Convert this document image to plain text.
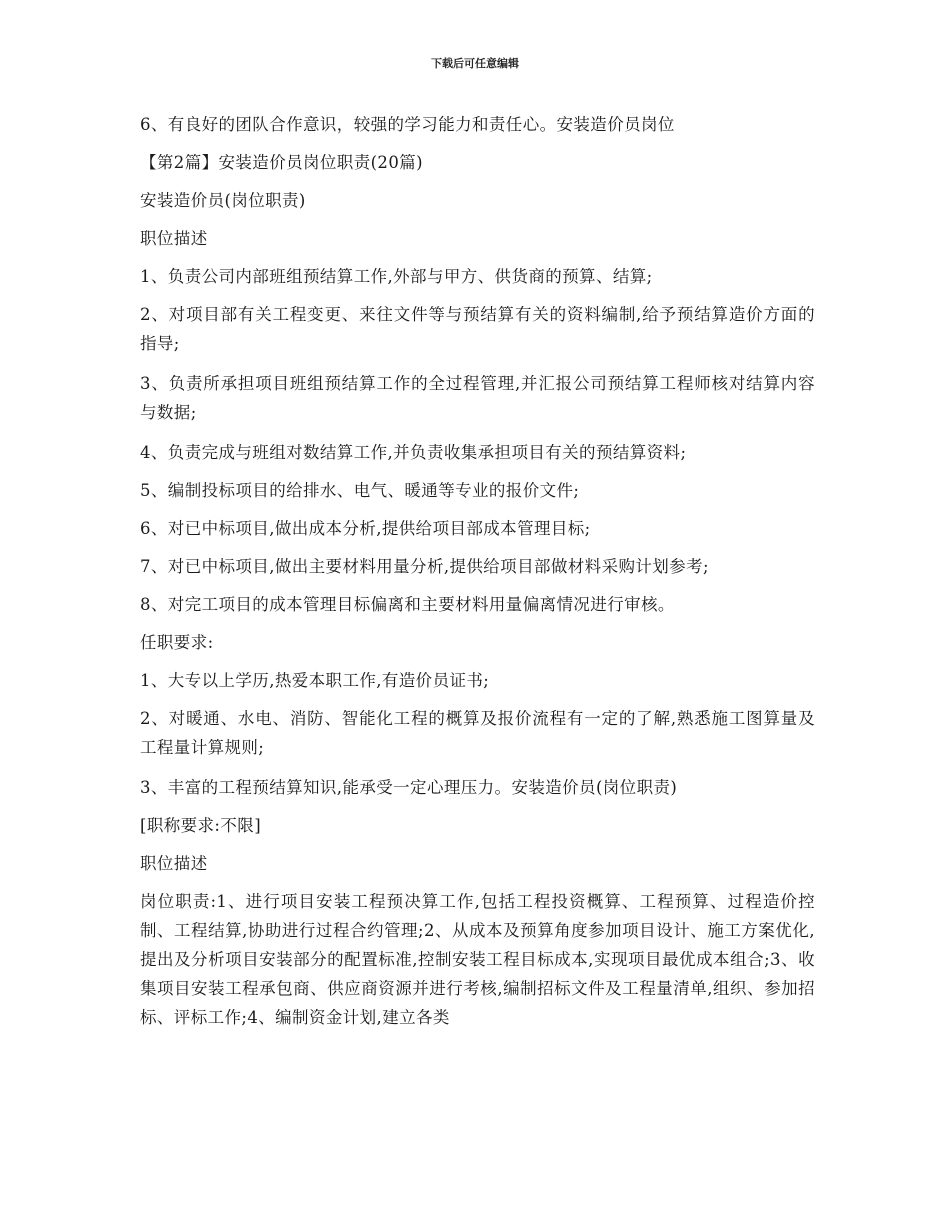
下载后可任意编辑

6、有良好的团队合作意识，较强的学习能力和责任心。安装造价员岗位

【第2篇】安装造价员岗位职责(20篇)

安装造价员(岗位职责)

职位描述

1、负责公司内部班组预结算工作,外部与甲方、供货商的预算、结算;

2、对项目部有关工程变更、来往文件等与预结算有关的资料编制,给予预结算造价方面的指导;

3、负责所承担项目班组预结算工作的全过程管理,并汇报公司预结算工程师核对结算内容与数据;

4、负责完成与班组对数结算工作,并负责收集承担项目有关的预结算资料;

5、编制投标项目的给排水、电气、暖通等专业的报价文件;

6、对已中标项目,做出成本分析,提供给项目部成本管理目标;

7、对已中标项目,做出主要材料用量分析,提供给项目部做材料采购计划参考;

8、对完工项目的成本管理目标偏离和主要材料用量偏离情况进行审核。

任职要求:

1、大专以上学历,热爱本职工作,有造价员证书;

2、对暖通、水电、消防、智能化工程的概算及报价流程有一定的了解,熟悉施工图算量及工程量计算规则;

3、丰富的工程预结算知识,能承受一定心理压力。安装造价员(岗位职责)

[职称要求:不限]

职位描述

岗位职责:1、进行项目安装工程预决算工作,包括工程投资概算、工程预算、过程造价控制、工程结算,协助进行过程合约管理;2、从成本及预算角度参加项目设计、施工方案优化,提出及分析项目安装部分的配置标准,控制安装工程目标成本,实现项目最优成本组合;3、收集项目安装工程承包商、供应商资源并进行考核,编制招标文件及工程量清单,组织、参加招标、评标工作;4、编制资金计划,建立各类
